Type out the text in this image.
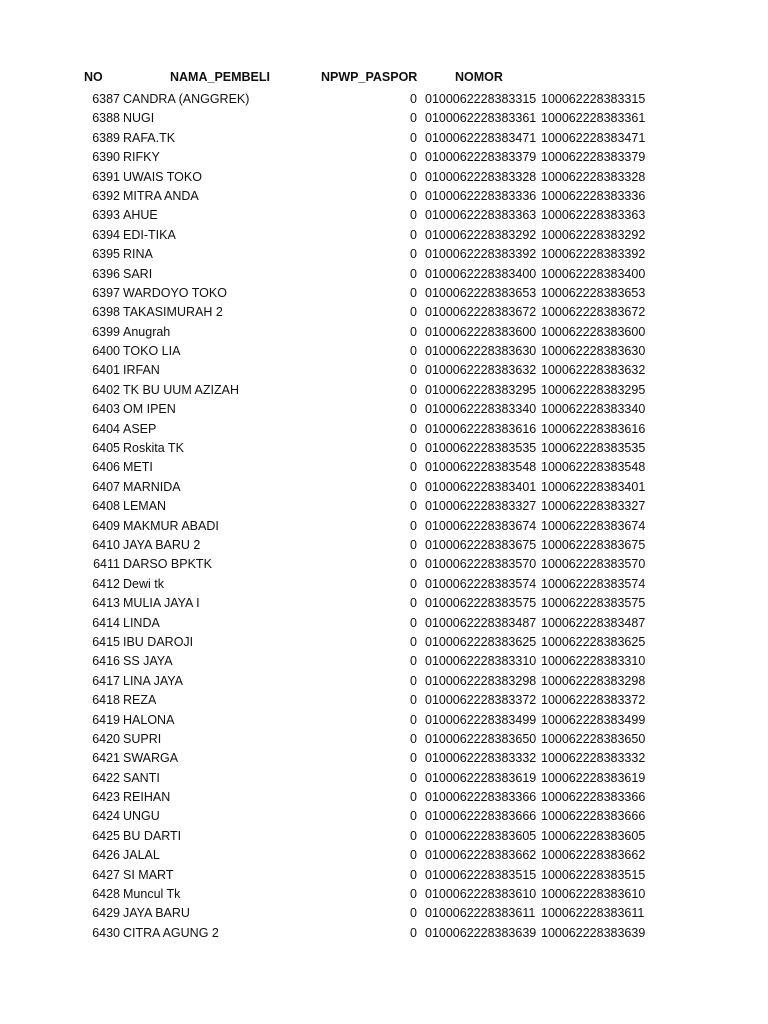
NO	NAMA_PEMBELI	NPWP_PASPOR	NOMOR
6387 CANDRA (ANGGREK)	0 0100062228383315 100062228383315
6388 NUGI	0 0100062228383361 100062228383361
6389 RAFA.TK	0 0100062228383471 100062228383471
6390 RIFKY	0 0100062228383379 100062228383379
6391 UWAIS TOKO	0 0100062228383328 100062228383328
6392 MITRA ANDA	0 0100062228383336 100062228383336
6393 AHUE	0 0100062228383363 100062228383363
6394 EDI-TIKA	0 0100062228383292 100062228383292
6395 RINA	0 0100062228383392 100062228383392
6396 SARI	0 0100062228383400 100062228383400
6397 WARDOYO TOKO	0 0100062228383653 100062228383653
6398 TAKASIMURAH 2	0 0100062228383672 100062228383672
6399 Anugrah	0 0100062228383600 100062228383600
6400 TOKO LIA	0 0100062228383630 100062228383630
6401 IRFAN	0 0100062228383632 100062228383632
6402 TK BU UUM AZIZAH	0 0100062228383295 100062228383295
6403 OM IPEN	0 0100062228383340 100062228383340
6404 ASEP	0 0100062228383616 100062228383616
6405 Roskita TK	0 0100062228383535 100062228383535
6406 METI	0 0100062228383548 100062228383548
6407 MARNIDA	0 0100062228383401 100062228383401
6408 LEMAN	0 0100062228383327 100062228383327
6409 MAKMUR ABADI	0 0100062228383674 100062228383674
6410 JAYA BARU 2	0 0100062228383675 100062228383675
6411 DARSO BPKTK	0 0100062228383570 100062228383570
6412 Dewi tk	0 0100062228383574 100062228383574
6413 MULIA JAYA I	0 0100062228383575 100062228383575
6414 LINDA	0 0100062228383487 100062228383487
6415 IBU DAROJI	0 0100062228383625 100062228383625
6416 SS JAYA	0 0100062228383310 100062228383310
6417 LINA JAYA	0 0100062228383298 100062228383298
6418 REZA	0 0100062228383372 100062228383372
6419 HALONA	0 0100062228383499 100062228383499
6420 SUPRI	0 0100062228383650 100062228383650
6421 SWARGA	0 0100062228383332 100062228383332
6422 SANTI	0 0100062228383619 100062228383619
6423 REIHAN	0 0100062228383366 100062228383366
6424 UNGU	0 0100062228383666 100062228383666
6425 BU DARTI	0 0100062228383605 100062228383605
6426 JALAL	0 0100062228383662 100062228383662
6427 SI MART	0 0100062228383515 100062228383515
6428 Muncul Tk	0 0100062228383610 100062228383610
6429 JAYA BARU	0 0100062228383611 100062228383611
6430 CITRA AGUNG 2	0 0100062228383639 100062228383639
